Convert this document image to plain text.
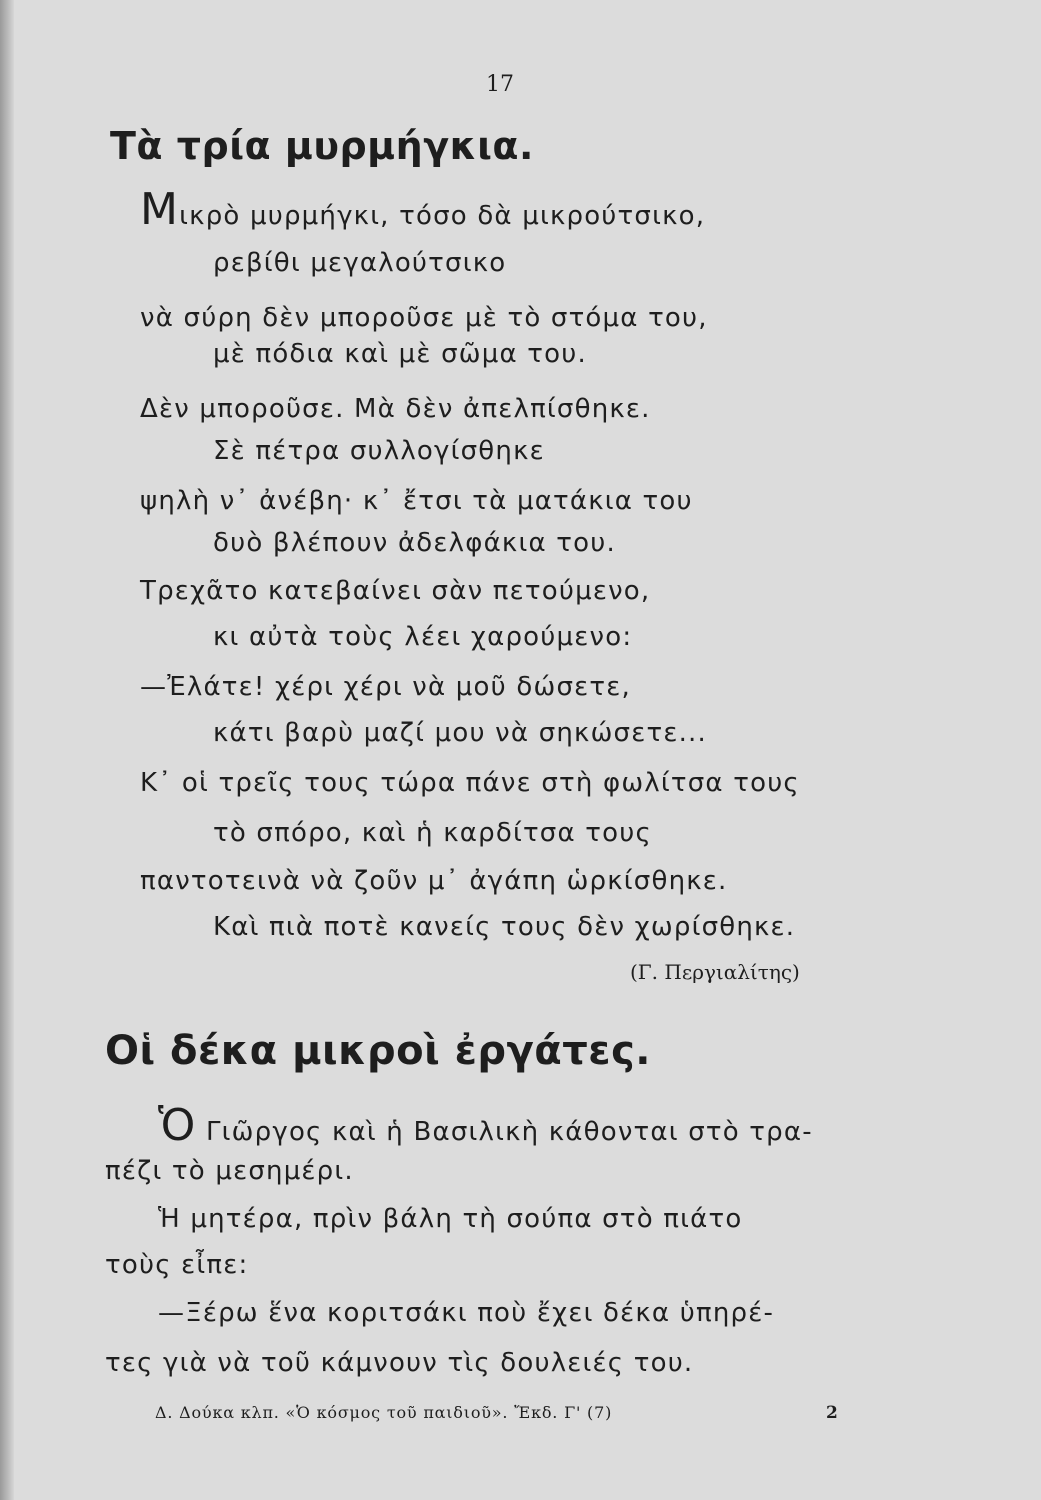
17
Τὰ τρία μυρμήγκια.
Μικρὸ μυρμήγκι, τόσο δὰ μικρούτσικο,
ρεβίθι μεγαλούτσικο
νὰ σύρη δὲν μποροῦσε μὲ τὸ στόμα του,
μὲ πόδια καὶ μὲ σῶμα του.
Δὲν μποροῦσε. Μὰ δὲν ἀπελπίσθηκε.
Σὲ πέτρα συλλογίσθηκε
ψηλὴ ν᾽ ἀνέβη· κ᾽ ἔτσι τὰ ματάκια του
δυὸ βλέπουν ἀδελφάκια του.
Τρεχᾶτο κατεβαίνει σὰν πετούμενο,
κι αὐτὰ τοὺς λέει χαρούμενο:
—Ἐλάτε! χέρι χέρι νὰ μοῦ δώσετε,
κάτι βαρὺ μαζί μου νὰ σηκώσετε...
Κ᾽ οἱ τρεῖς τους τώρα πάνε στὴ φωλίτσα τους
τὸ σπόρο, καὶ ἡ καρδίτσα τους
παντοτεινὰ νὰ ζοῦν μ᾽ ἀγάπη ὡρκίσθηκε.
Καὶ πιὰ ποτὲ κανείς τους δὲν χωρίσθηκε.
(Γ. Περγιαλίτης)
Οἱ δέκα μικροὶ ἐργάτες.
Ὁ Γιῶργος καὶ ἡ Βασιλικὴ κάθονται στὸ τρα-
πέζι τὸ μεσημέρι.
Ἡ μητέρα, πρὶν βάλη τὴ σούπα στὸ πιάτο
τοὺς εἶπε:
—Ξέρω ἕνα κοριτσάκι ποὺ ἔχει δέκα ὑπηρέ-
τες γιὰ νὰ τοῦ κάμνουν τὶς δουλειές του.
Δ. Δούκα κλπ. «Ὁ κόσμος τοῦ παιδιοῦ». Ἔκδ. Γ' (7)	2
